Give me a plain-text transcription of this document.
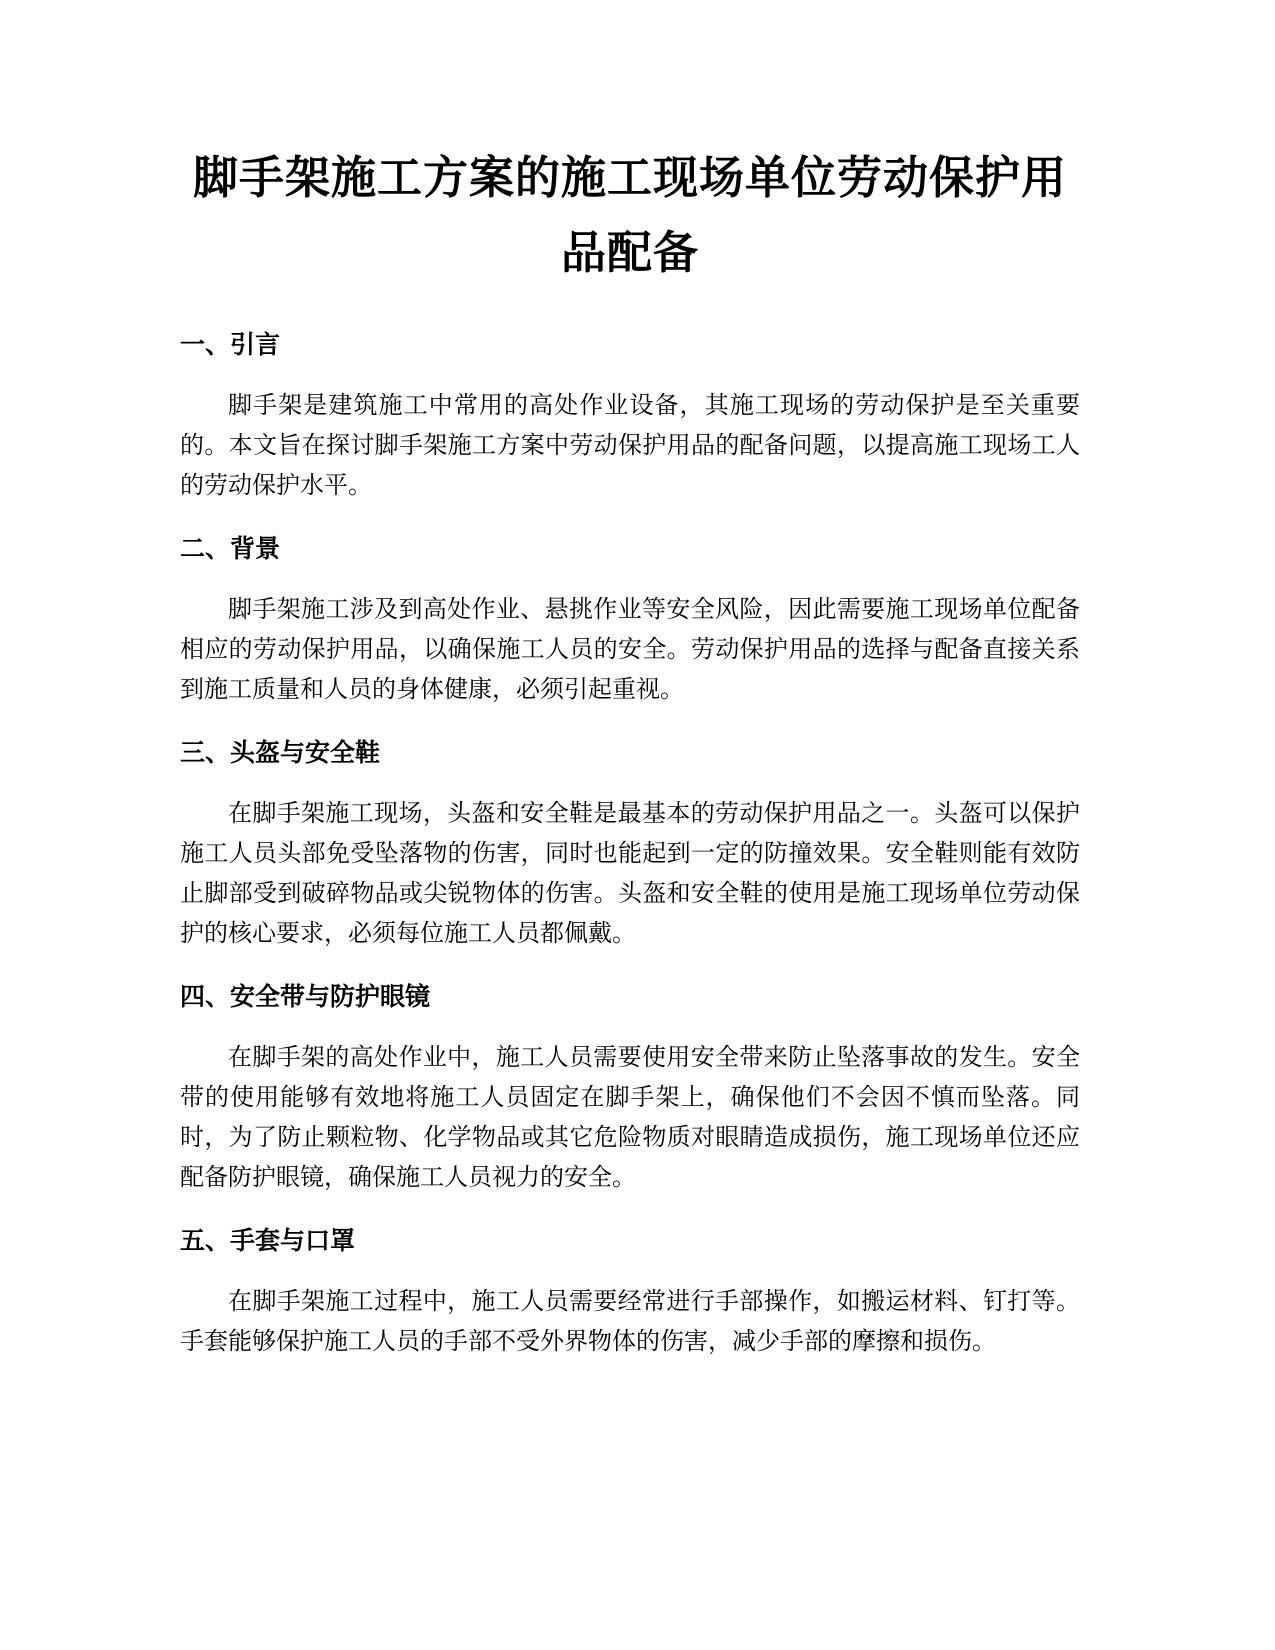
脚手架施工方案的施工现场单位劳动保护用品配备
一、引言

脚手架是建筑施工中常用的高处作业设备，其施工现场的劳动保护是至关重要的。本文旨在探讨脚手架施工方案中劳动保护用品的配备问题，以提高施工现场工人的劳动保护水平。

二、背景

脚手架施工涉及到高处作业、悬挑作业等安全风险，因此需要施工现场单位配备相应的劳动保护用品，以确保施工人员的安全。劳动保护用品的选择与配备直接关系到施工质量和人员的身体健康，必须引起重视。

三、头盔与安全鞋

在脚手架施工现场，头盔和安全鞋是最基本的劳动保护用品之一。头盔可以保护施工人员头部免受坠落物的伤害，同时也能起到一定的防撞效果。安全鞋则能有效防止脚部受到破碎物品或尖锐物体的伤害。头盔和安全鞋的使用是施工现场单位劳动保护的核心要求，必须每位施工人员都佩戴。

四、安全带与防护眼镜

在脚手架的高处作业中，施工人员需要使用安全带来防止坠落事故的发生。安全带的使用能够有效地将施工人员固定在脚手架上，确保他们不会因不慎而坠落。同时，为了防止颗粒物、化学物品或其它危险物质对眼睛造成损伤，施工现场单位还应配备防护眼镜，确保施工人员视力的安全。

五、手套与口罩

在脚手架施工过程中，施工人员需要经常进行手部操作，如搬运材料、钉打等。手套能够保护施工人员的手部不受外界物体的伤害，减少手部的摩擦和损伤。
